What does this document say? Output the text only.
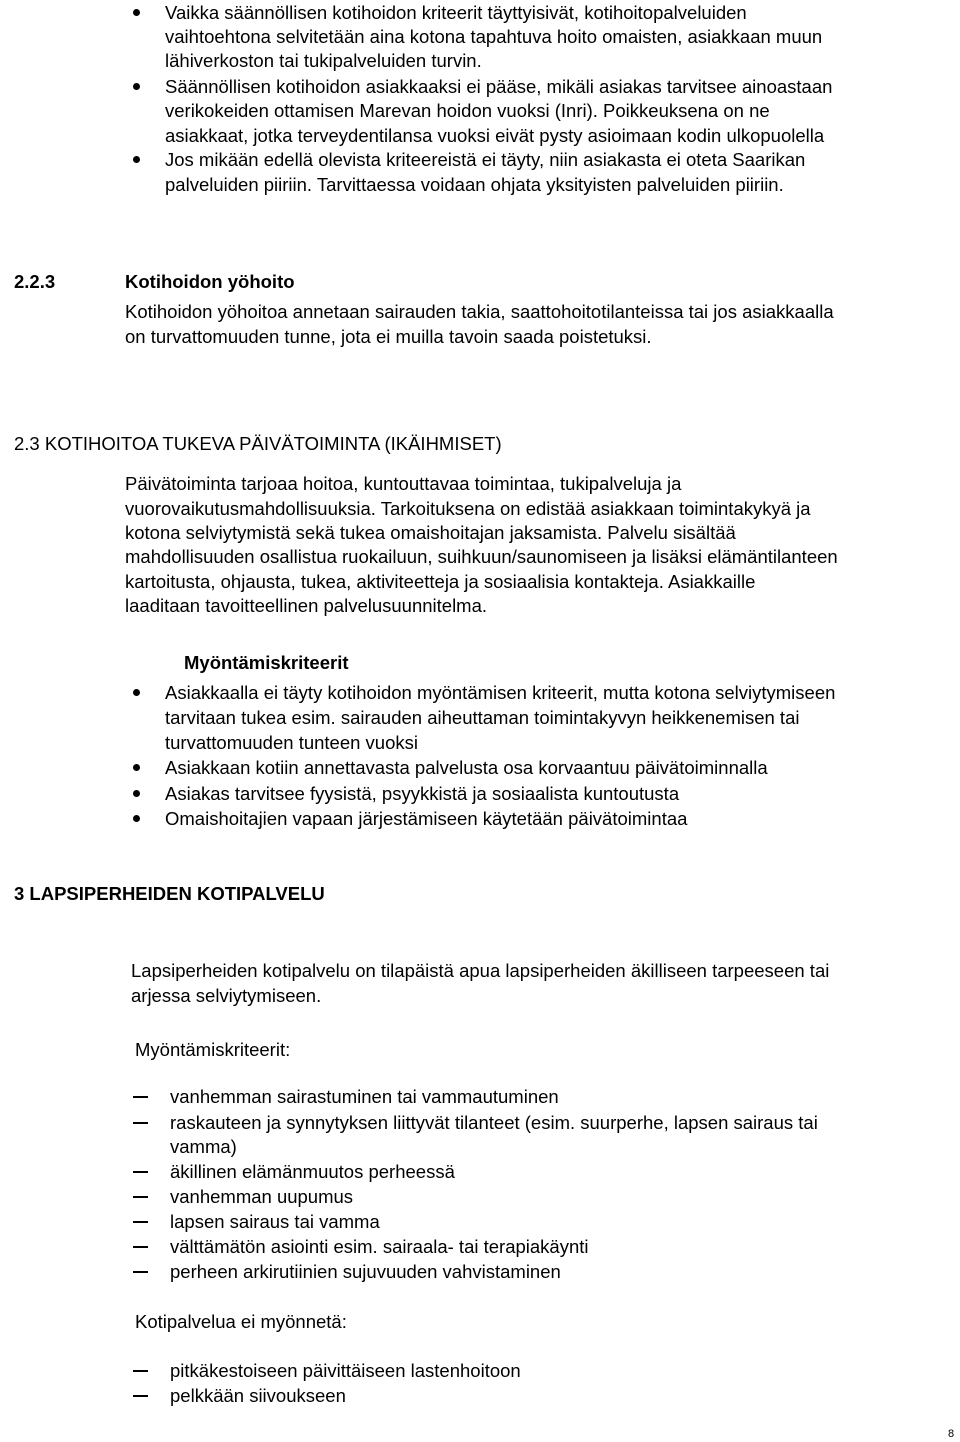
Vaikka säännöllisen kotihoidon kriteerit täyttyisivät, kotihoitopalveluiden
vaihtoehtona selvitetään aina kotona tapahtuva hoito omaisten, asiakkaan muun
lähiverkoston tai tukipalveluiden turvin.
Säännöllisen kotihoidon asiakkaaksi ei pääse, mikäli asiakas tarvitsee ainoastaan
verikokeiden ottamisen Marevan hoidon vuoksi (Inri). Poikkeuksena on ne
asiakkaat, jotka terveydentilansa vuoksi eivät pysty asioimaan kodin ulkopuolella
Jos mikään edellä olevista kriteereistä ei täyty, niin asiakasta ei oteta Saarikan
palveluiden piiriin. Tarvittaessa voidaan ohjata yksityisten palveluiden piiriin.
2.2.3	Kotihoidon yöhoito
Kotihoidon yöhoitoa annetaan sairauden takia, saattohoitotilanteissa tai jos asiakkaalla
on turvattomuuden tunne, jota ei muilla tavoin saada poistetuksi.
2.3 KOTIHOITOA TUKEVA PÄIVÄTOIMINTA (IKÄIHMISET)
Päivätoiminta tarjoaa hoitoa, kuntouttavaa toimintaa, tukipalveluja ja
vuorovaikutusmahdollisuuksia. Tarkoituksena on edistää asiakkaan toimintakykyä ja
kotona selviytymistä sekä tukea omaishoitajan jaksamista. Palvelu sisältää
mahdollisuuden osallistua ruokailuun, suihkuun/saunomiseen ja lisäksi elämäntilanteen
kartoitusta, ohjausta, tukea, aktiviteetteja ja sosiaalisia kontakteja. Asiakkaille
laaditaan tavoitteellinen palvelusuunnitelma.
Myöntämiskriteerit
Asiakkaalla ei täyty kotihoidon myöntämisen kriteerit, mutta kotona selviytymiseen
tarvitaan tukea esim. sairauden aiheuttaman toimintakyvyn heikkenemisen tai
turvattomuuden tunteen vuoksi
Asiakkaan kotiin annettavasta palvelusta osa korvaantuu päivätoiminnalla
Asiakas tarvitsee fyysistä, psyykkistä ja sosiaalista kuntoutusta
Omaishoitajien vapaan järjestämiseen käytetään päivätoimintaa
3 LAPSIPERHEIDEN KOTIPALVELU
Lapsiperheiden kotipalvelu on tilapäistä apua lapsiperheiden äkilliseen tarpeeseen tai
arjessa selviytymiseen.
Myöntämiskriteerit:
vanhemman sairastuminen tai vammautuminen
raskauteen ja synnytyksen liittyvät tilanteet (esim. suurperhe, lapsen sairaus tai
vamma)
äkillinen elämänmuutos perheessä
vanhemman uupumus
lapsen sairaus tai vamma
välttämätön asiointi esim. sairaala- tai terapiakäynti
perheen arkirutiinien sujuvuuden vahvistaminen
Kotipalvelua ei myönnetä:
pitkäkestoiseen päivittäiseen lastenhoitoon
pelkkään siivoukseen
8
